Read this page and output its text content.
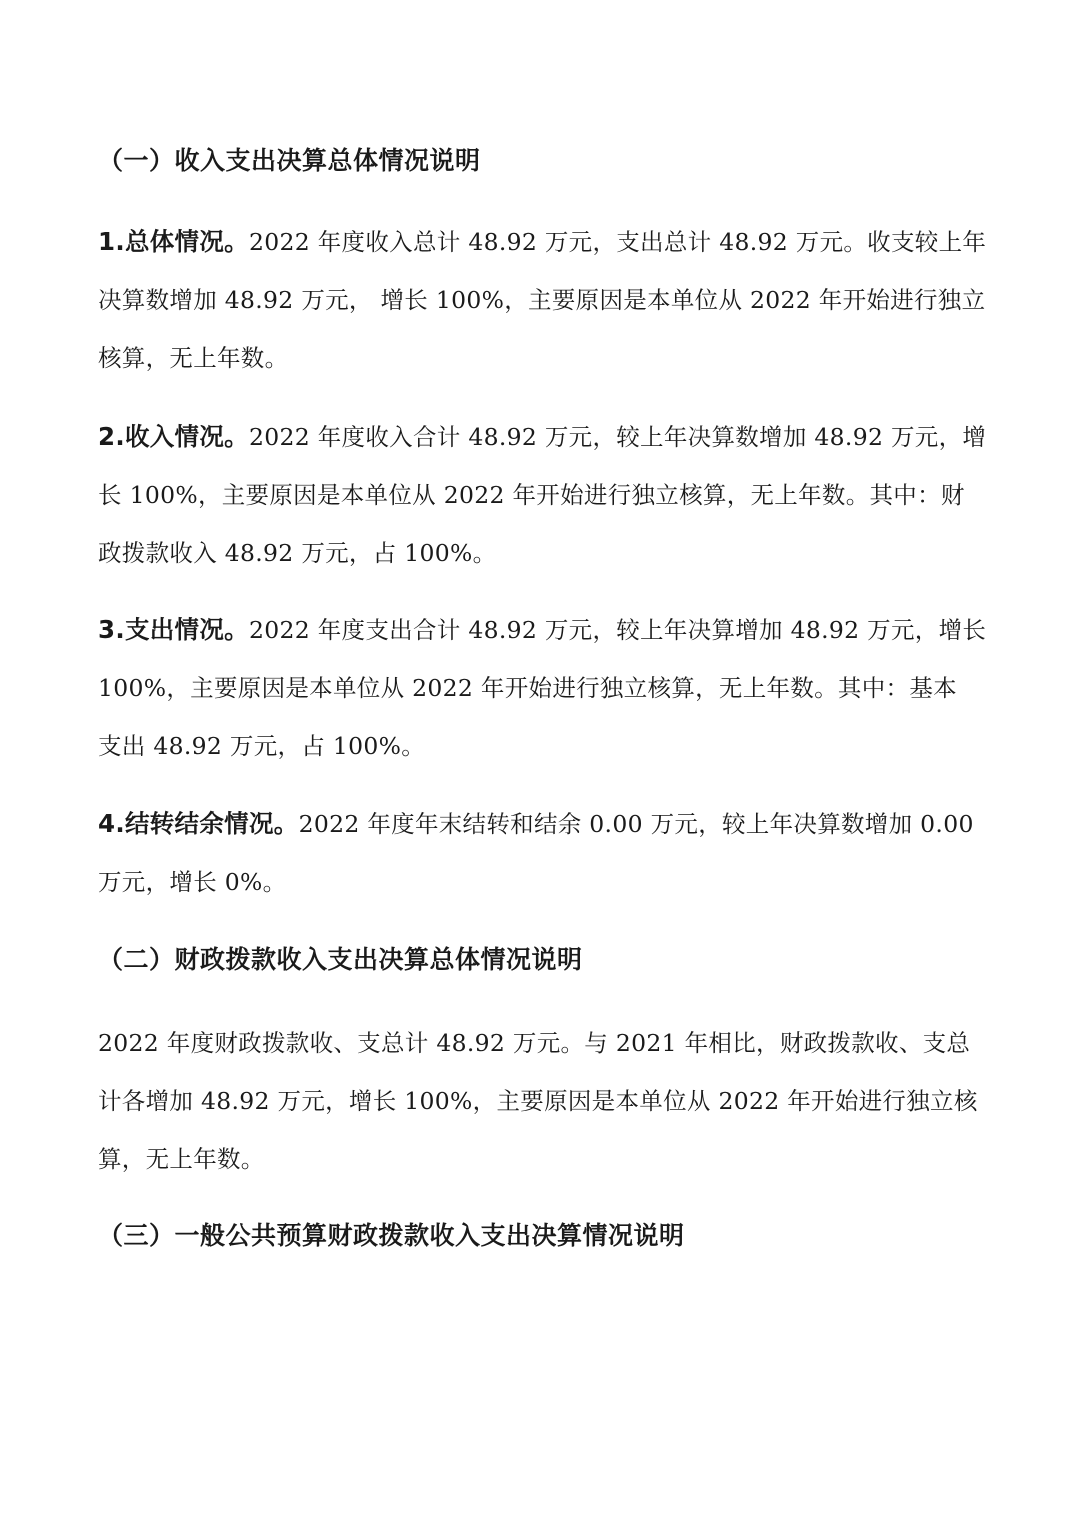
（一）收入支出决算总体情况说明
1.总体情况。2022 年度收入总计 48.92 万元，支出总计 48.92 万元。收支较上年
决算数增加 48.92 万元， 增长 100%，主要原因是本单位从 2022 年开始进行独立
核算，无上年数。
2.收入情况。2022 年度收入合计 48.92 万元，较上年决算数增加 48.92 万元，增
长 100%，主要原因是本单位从 2022 年开始进行独立核算，无上年数。其中：财
政拨款收入 48.92 万元，占 100%。
3.支出情况。2022 年度支出合计 48.92 万元，较上年决算增加 48.92 万元，增长
100%，主要原因是本单位从 2022 年开始进行独立核算，无上年数。其中：基本
支出 48.92 万元，占 100%。
4.结转结余情况。2022 年度年末结转和结余 0.00 万元，较上年决算数增加 0.00
万元，增长 0%。
（二）财政拨款收入支出决算总体情况说明
2022 年度财政拨款收、支总计 48.92 万元。与 2021 年相比，财政拨款收、支总
计各增加 48.92 万元，增长 100%，主要原因是本单位从 2022 年开始进行独立核
算，无上年数。
（三）一般公共预算财政拨款收入支出决算情况说明
